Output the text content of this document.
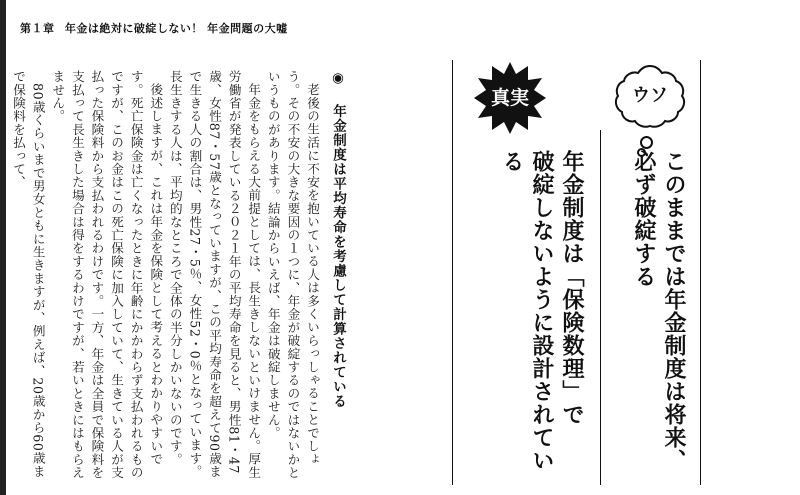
第１章 年金は絶対に破綻しない！ 年金問題の大嘘

老後の生活に不安を抱いている人は多くいらっしゃることでしょう。その不安の大きな要因の１つに、年金が破綻するのではないかというものがあります。結論からいえば、年金は破綻しません。

年金をもらえる大前提としては、長生きしないといけません。厚生労働省が発表している２０２１年の平均寿命を見ると、男性81・47歳、女性87・57歳となっていますが、この平均寿命を超えて90歳まで生きる人の割合は、男性27・5％、女性52・0％となっています。長生きする人は、平均的なところで全体の半分しかいないのです。

後述しますが、これは年金を保険として考えるとわかりやすいです。死亡保険金は亡くなったときに年齢にかかわらず支払われるものですが、このお金はこの死亡保険に加入していて、生きている人が支払った保険料から支払われるわけです。一方、年金は全員で保険料を支払って長生きした場合は得をするわけですが、若いときにはもらえません。

80歳くらいまで男女ともに生きますが、例えば、20歳から60歳まで保険料を払って、	◉ 年金制度は平均寿命を考慮して計算されている	真実	ウソ
年金制度は「保険数理」で
破綻しないように設計されている	このままでは年金制度は将来、
必ず破綻する
